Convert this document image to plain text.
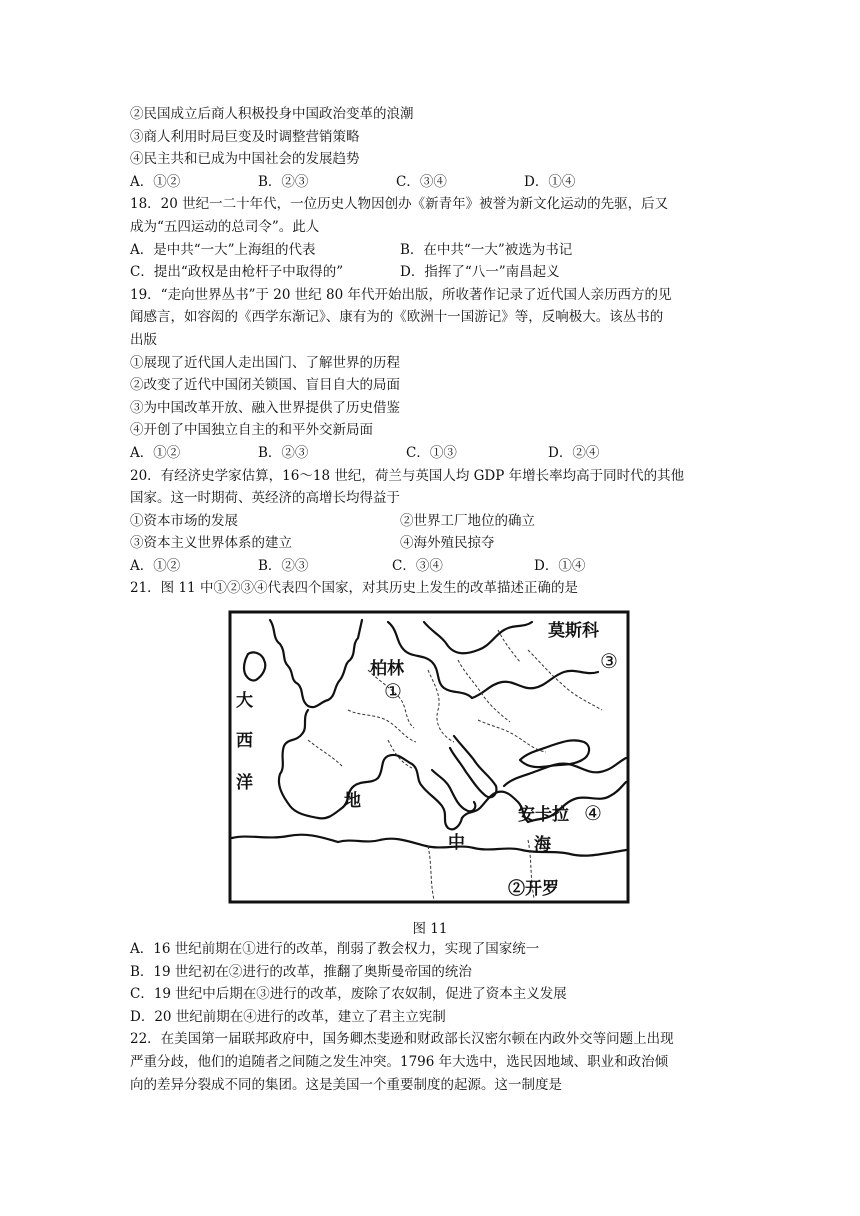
②民国成立后商人积极投身中国政治变革的浪潮
③商人利用时局巨变及时调整营销策略
④民主共和已成为中国社会的发展趋势
A．①②	B．②③	C．③④	D．①④
18．20 世纪一二十年代，一位历史人物因创办《新青年》被誉为新文化运动的先驱，后又
成为“五四运动的总司令”。此人
A．是中共“一大”上海组的代表	B．在中共“一大”被选为书记
C．提出“政权是由枪杆子中取得的”	D．指挥了“八一”南昌起义
19．“走向世界丛书”于 20 世纪 80 年代开始出版，所收著作记录了近代国人亲历西方的见
闻感言，如容闳的《西学东渐记》、康有为的《欧洲十一国游记》等，反响极大。该丛书的
出版
①展现了近代国人走出国门、了解世界的历程
②改变了近代中国闭关锁国、盲目自大的局面
③为中国改革开放、融入世界提供了历史借鉴
④开创了中国独立自主的和平外交新局面
A．①②	B．②③	C．①③	D．②④
20．有经济史学家估算，16～18 世纪，荷兰与英国人均 GDP 年增长率均高于同时代的其他
国家。这一时期荷、英经济的高增长均得益于
①资本市场的发展	②世界工厂地位的确立
③资本主义世界体系的建立	④海外殖民掠夺
A．①②	B．②③	C．③④	D．①④
21．图 11 中①②③④代表四个国家，对其历史上发生的改革描述正确的是
莫斯科
③
柏林
①
大
西
洋
地
中	海
安卡拉 ④
②开罗
图 11
A．16 世纪前期在①进行的改革，削弱了教会权力，实现了国家统一
B．19 世纪初在②进行的改革，推翻了奥斯曼帝国的统治
C．19 世纪中后期在③进行的改革，废除了农奴制，促进了资本主义发展
D．20 世纪前期在④进行的改革，建立了君主立宪制
22．在美国第一届联邦政府中，国务卿杰斐逊和财政部长汉密尔顿在内政外交等问题上出现
严重分歧，他们的追随者之间随之发生冲突。1796 年大选中，选民因地域、职业和政治倾
向的差异分裂成不同的集团。这是美国一个重要制度的起源。这一制度是
